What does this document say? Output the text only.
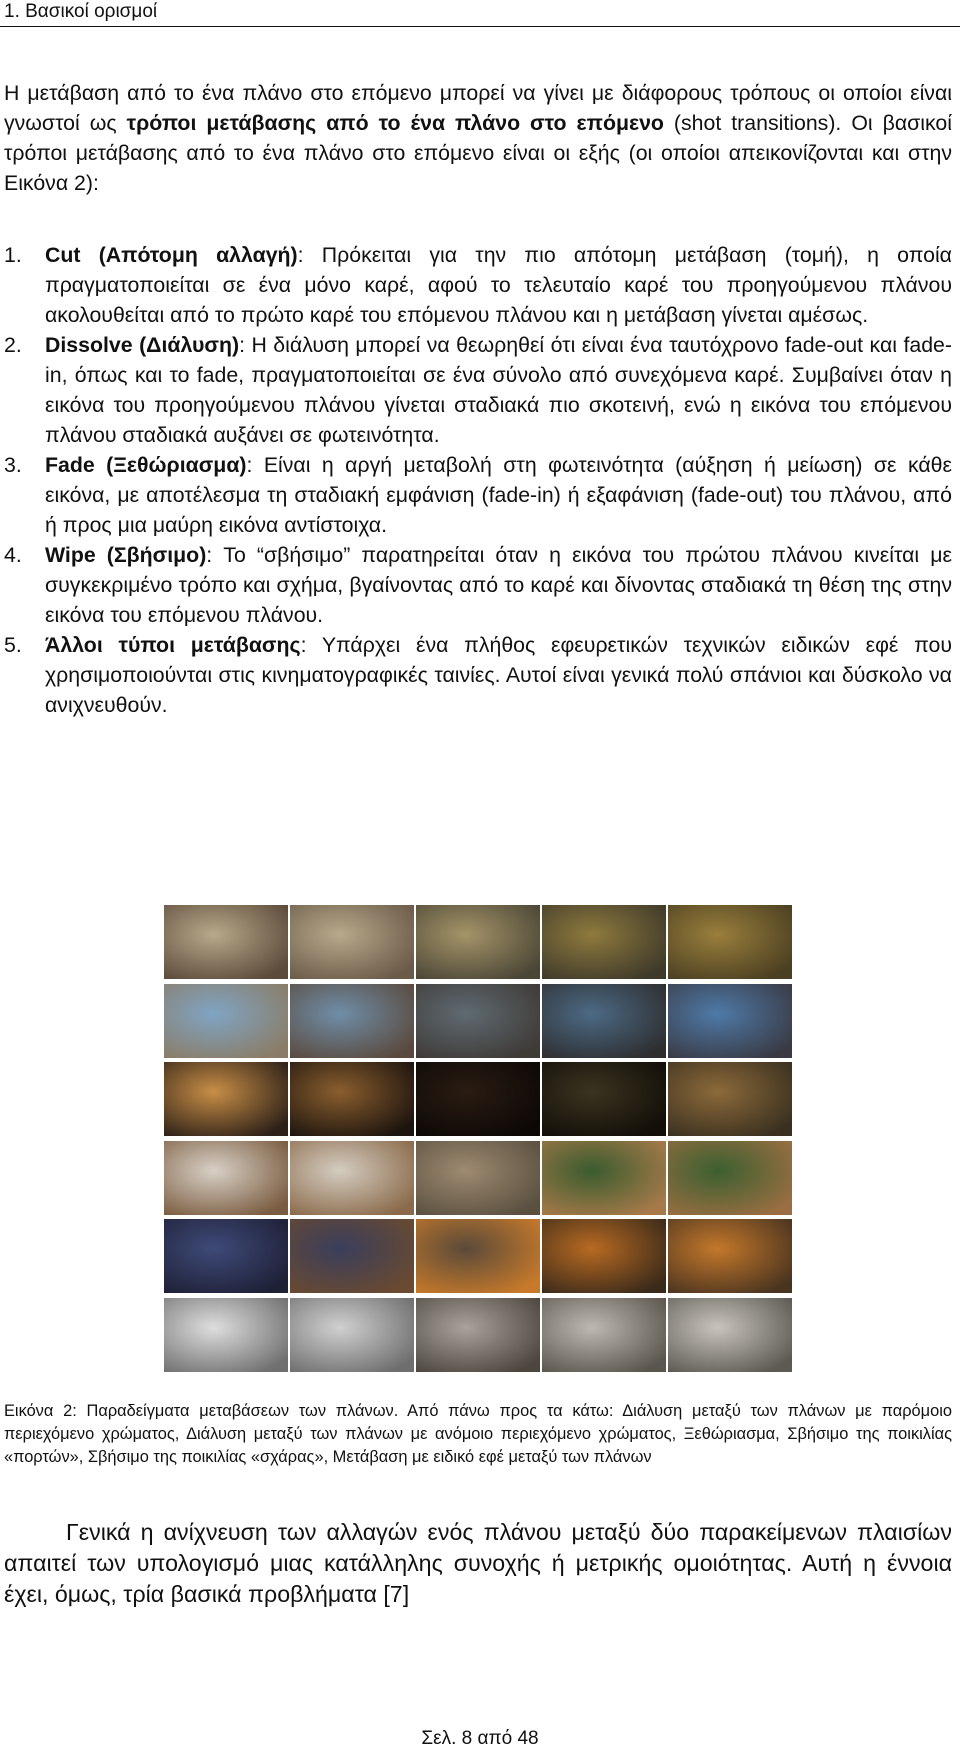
1. Βασικοί ορισμοί

Η μετάβαση από το ένα πλάνο στο επόμενο μπορεί να γίνει με διάφορους τρόπους οι οποίοι είναι γνωστοί ως τρόποι μετάβασης από το ένα πλάνο στο επόμενο (shot transitions). Οι βασικοί τρόποι μετάβασης από το ένα πλάνο στο επόμενο είναι οι εξής (οι οποίοι απεικονίζονται και στην Εικόνα 2):

1. Cut (Απότομη αλλαγή): Πρόκειται για την πιο απότομη μετάβαση (τομή), η οποία πραγματοποιείται σε ένα μόνο καρέ, αφού το τελευταίο καρέ του προηγούμενου πλάνου ακολουθείται από το πρώτο καρέ του επόμενου πλάνου και η μετάβαση γίνεται αμέσως.
2. Dissolve (Διάλυση): Η διάλυση μπορεί να θεωρηθεί ότι είναι ένα ταυτόχρονο fade-out και fade-in, όπως και το fade, πραγματοποιείται σε ένα σύνολο από συνεχόμενα καρέ. Συμβαίνει όταν η εικόνα του προηγούμενου πλάνου γίνεται σταδιακά πιο σκοτεινή, ενώ η εικόνα του επόμενου πλάνου σταδιακά αυξάνει σε φωτεινότητα.
3. Fade (Ξεθώριασμα): Είναι η αργή μεταβολή στη φωτεινότητα (αύξηση ή μείωση) σε κάθε εικόνα, με αποτέλεσμα τη σταδιακή εμφάνιση (fade-in) ή εξαφάνιση (fade-out) του πλάνου, από ή προς μια μαύρη εικόνα αντίστοιχα.
4. Wipe (Σβήσιμο): Το “σβήσιμο” παρατηρείται όταν η εικόνα του πρώτου πλάνου κινείται με συγκεκριμένο τρόπο και σχήμα, βγαίνοντας από το καρέ και δίνοντας σταδιακά τη θέση της στην εικόνα του επόμενου πλάνου.
5. Άλλοι τύποι μετάβασης: Υπάρχει ένα πλήθος εφευρετικών τεχνικών ειδικών εφέ που χρησιμοποιούνται στις κινηματογραφικές ταινίες. Αυτοί είναι γενικά πολύ σπάνιοι και δύσκολο να ανιχνευθούν.

Εικόνα 2: Παραδείγματα μεταβάσεων των πλάνων. Από πάνω προς τα κάτω: Διάλυση μεταξύ των πλάνων με παρόμοιο περιεχόμενο χρώματος, Διάλυση μεταξύ των πλάνων με ανόμοιο περιεχόμενο χρώματος, Ξεθώριασμα, Σβήσιμο της ποικιλίας «πορτών», Σβήσιμο της ποικιλίας «σχάρας», Μετάβαση με ειδικό εφέ μεταξύ των πλάνων

Γενικά η ανίχνευση των αλλαγών ενός πλάνου μεταξύ δύο παρακείμενων πλαισίων απαιτεί των υπολογισμό μιας κατάλληλης συνοχής ή μετρικής ομοιότητας. Αυτή η έννοια έχει, όμως, τρία βασικά προβλήματα [7]

Σελ. 8 από 48
